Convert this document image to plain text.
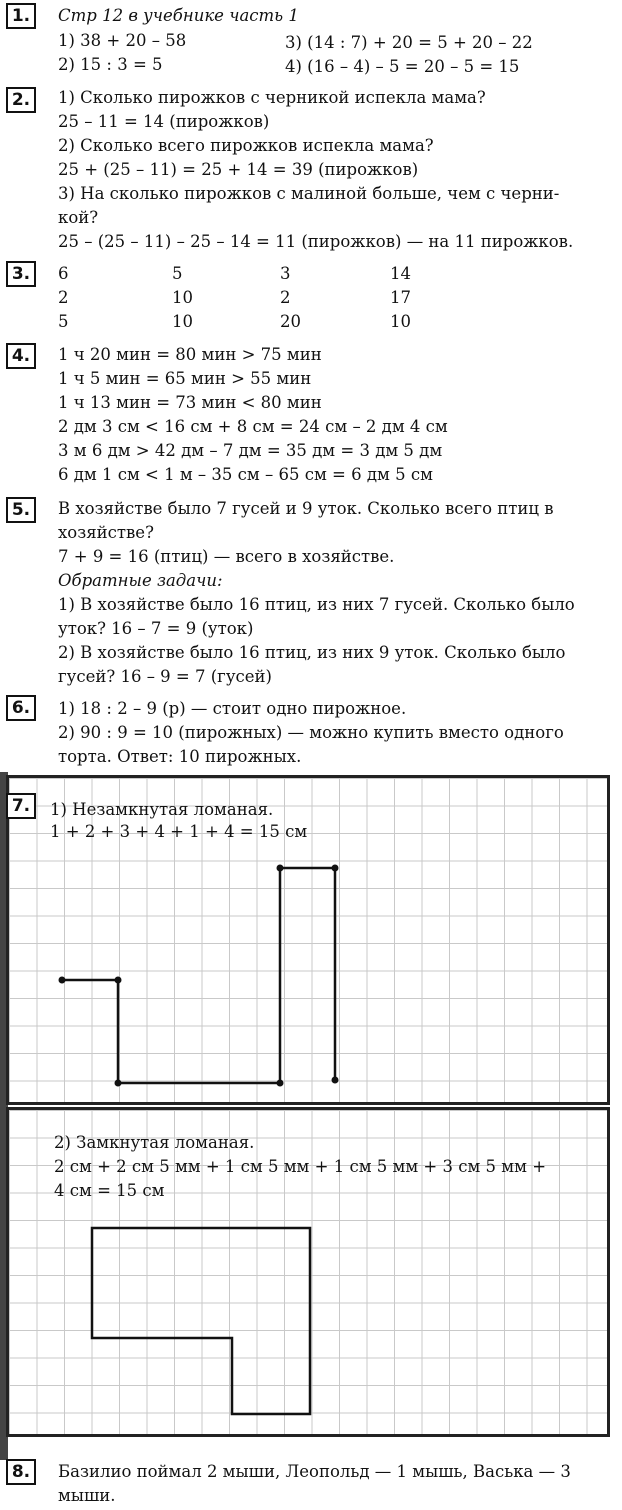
1.	Стр 12 в учебнике часть 1
1) 38 + 20 – 58
2) 15 : 3 = 5
3) (14 : 7) + 20 = 5 + 20 – 22
4) (16 – 4) – 5 = 20 – 5 = 15
2.	1) Сколько пирожков с черникой испекла мама?
25 – 11 = 14 (пирожков)
2) Сколько всего пирожков испекла мама?
25 + (25 – 11) = 25 + 14 = 39 (пирожков)
3) На сколько пирожков с малиной больше, чем с черни-
кой?
25 – (25 – 11) – 25 – 14 = 11 (пирожков) — на 11 пирожков.
3.	6	5	3	14
2	10	2	17
5	10	20	10
4.	1 ч 20 мин = 80 мин > 75 мин
1 ч 5 мин = 65 мин > 55 мин
1 ч 13 мин = 73 мин < 80 мин
2 дм 3 см < 16 см + 8 см = 24 см – 2 дм 4 см
3 м 6 дм > 42 дм – 7 дм = 35 дм = 3 дм 5 дм
6 дм 1 см < 1 м – 35 см – 65 см = 6 дм 5 см
5.	В хозяйстве было 7 гусей и 9 уток. Сколько всего птиц в
хозяйстве?
7 + 9 = 16 (птиц) — всего в хозяйстве.
Обратные задачи:
1) В хозяйстве было 16 птиц, из них 7 гусей. Сколько было
уток? 16 – 7 = 9 (уток)
2) В хозяйстве было 16 птиц, из них 9 уток. Сколько было
гусей? 16 – 9 = 7 (гусей)
6.	1) 18 : 2 – 9 (р) — стоит одно пирожное.
2) 90 : 9 = 10 (пирожных) — можно купить вместо одного
торта. Ответ: 10 пирожных.
7.	1) Незамкнутая ломаная.
1 + 2 + 3 + 4 + 1 + 4 = 15 см
2) Замкнутая ломаная.
2 см + 2 см 5 мм + 1 см 5 мм + 1 см 5 мм + 3 см 5 мм +
4 см = 15 см
8.	Базилио поймал 2 мыши, Леопольд — 1 мышь, Васька — 3
мыши.
